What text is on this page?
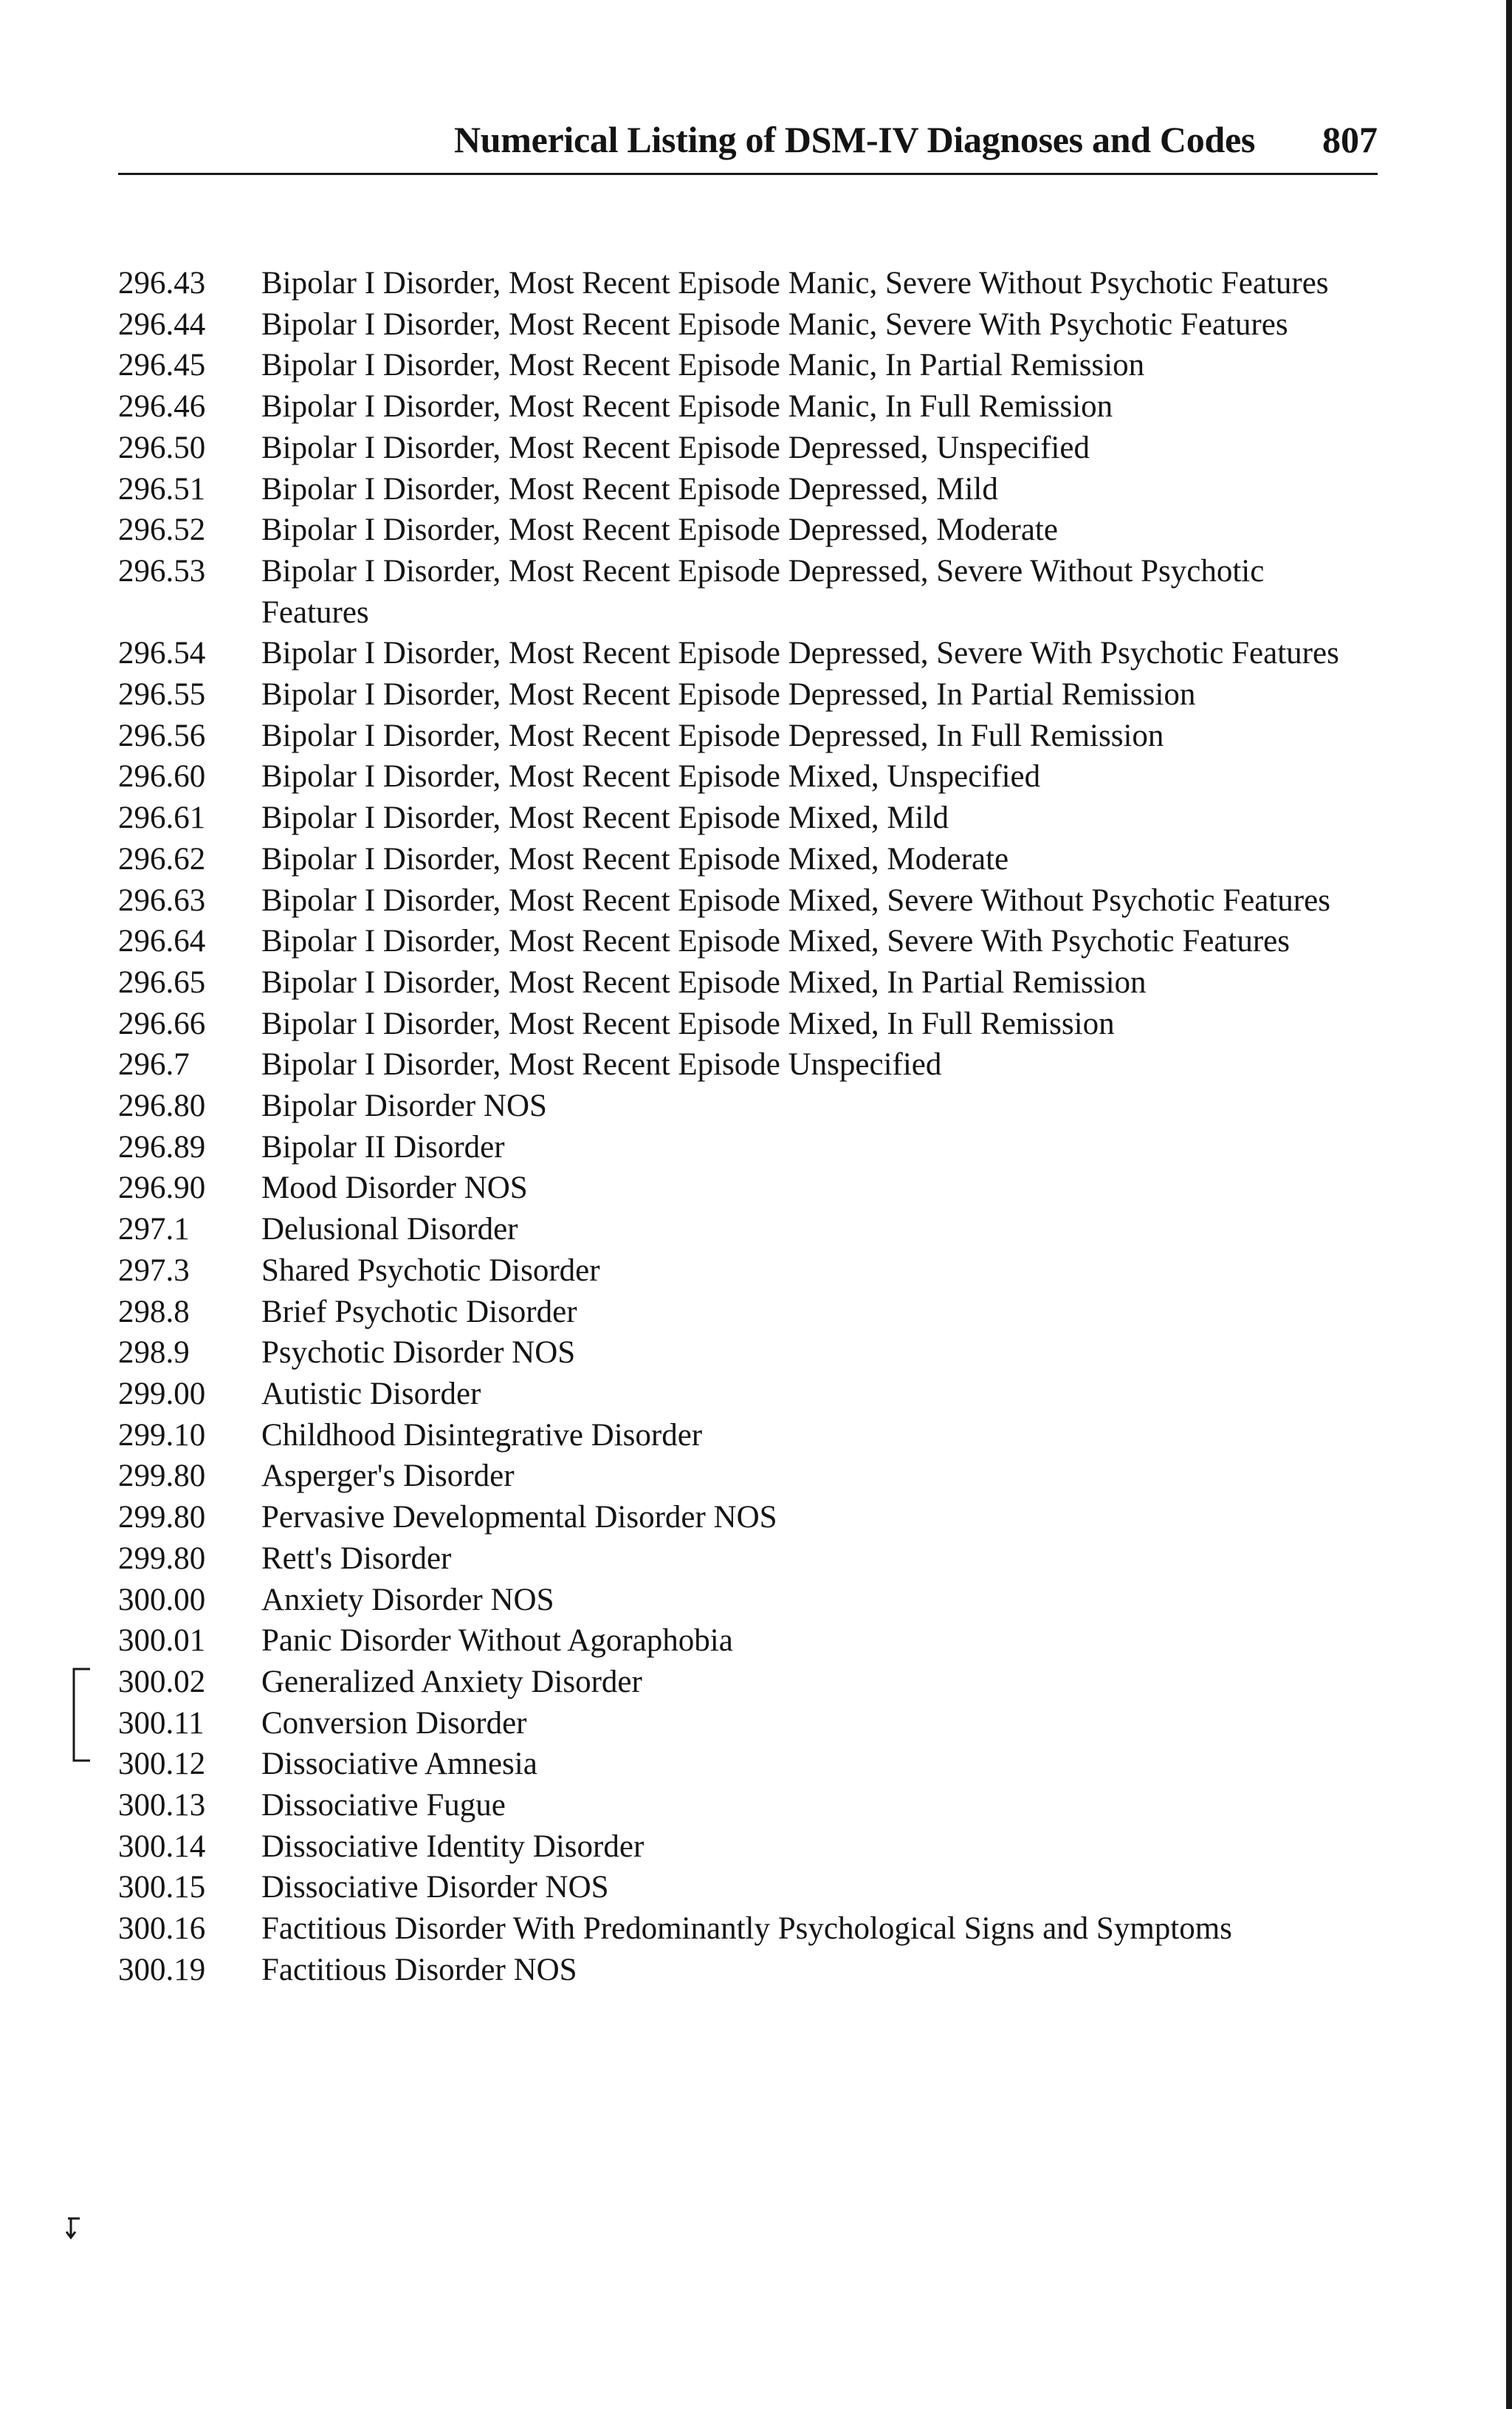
Numerical Listing of DSM-IV Diagnoses and Codes 807
296.43 Bipolar I Disorder, Most Recent Episode Manic, Severe Without Psychotic Features
296.44 Bipolar I Disorder, Most Recent Episode Manic, Severe With Psychotic Features
296.45 Bipolar I Disorder, Most Recent Episode Manic, In Partial Remission
296.46 Bipolar I Disorder, Most Recent Episode Manic, In Full Remission
296.50 Bipolar I Disorder, Most Recent Episode Depressed, Unspecified
296.51 Bipolar I Disorder, Most Recent Episode Depressed, Mild
296.52 Bipolar I Disorder, Most Recent Episode Depressed, Moderate
296.53 Bipolar I Disorder, Most Recent Episode Depressed, Severe Without Psychotic Features
296.54 Bipolar I Disorder, Most Recent Episode Depressed, Severe With Psychotic Features
296.55 Bipolar I Disorder, Most Recent Episode Depressed, In Partial Remission
296.56 Bipolar I Disorder, Most Recent Episode Depressed, In Full Remission
296.60 Bipolar I Disorder, Most Recent Episode Mixed, Unspecified
296.61 Bipolar I Disorder, Most Recent Episode Mixed, Mild
296.62 Bipolar I Disorder, Most Recent Episode Mixed, Moderate
296.63 Bipolar I Disorder, Most Recent Episode Mixed, Severe Without Psychotic Features
296.64 Bipolar I Disorder, Most Recent Episode Mixed, Severe With Psychotic Features
296.65 Bipolar I Disorder, Most Recent Episode Mixed, In Partial Remission
296.66 Bipolar I Disorder, Most Recent Episode Mixed, In Full Remission
296.7 Bipolar I Disorder, Most Recent Episode Unspecified
296.80 Bipolar Disorder NOS
296.89 Bipolar II Disorder
296.90 Mood Disorder NOS
297.1 Delusional Disorder
297.3 Shared Psychotic Disorder
298.8 Brief Psychotic Disorder
298.9 Psychotic Disorder NOS
299.00 Autistic Disorder
299.10 Childhood Disintegrative Disorder
299.80 Asperger's Disorder
299.80 Pervasive Developmental Disorder NOS
299.80 Rett's Disorder
300.00 Anxiety Disorder NOS
300.01 Panic Disorder Without Agoraphobia
300.02 Generalized Anxiety Disorder
300.11 Conversion Disorder
300.12 Dissociative Amnesia
300.13 Dissociative Fugue
300.14 Dissociative Identity Disorder
300.15 Dissociative Disorder NOS
300.16 Factitious Disorder With Predominantly Psychological Signs and Symptoms
300.19 Factitious Disorder NOS
